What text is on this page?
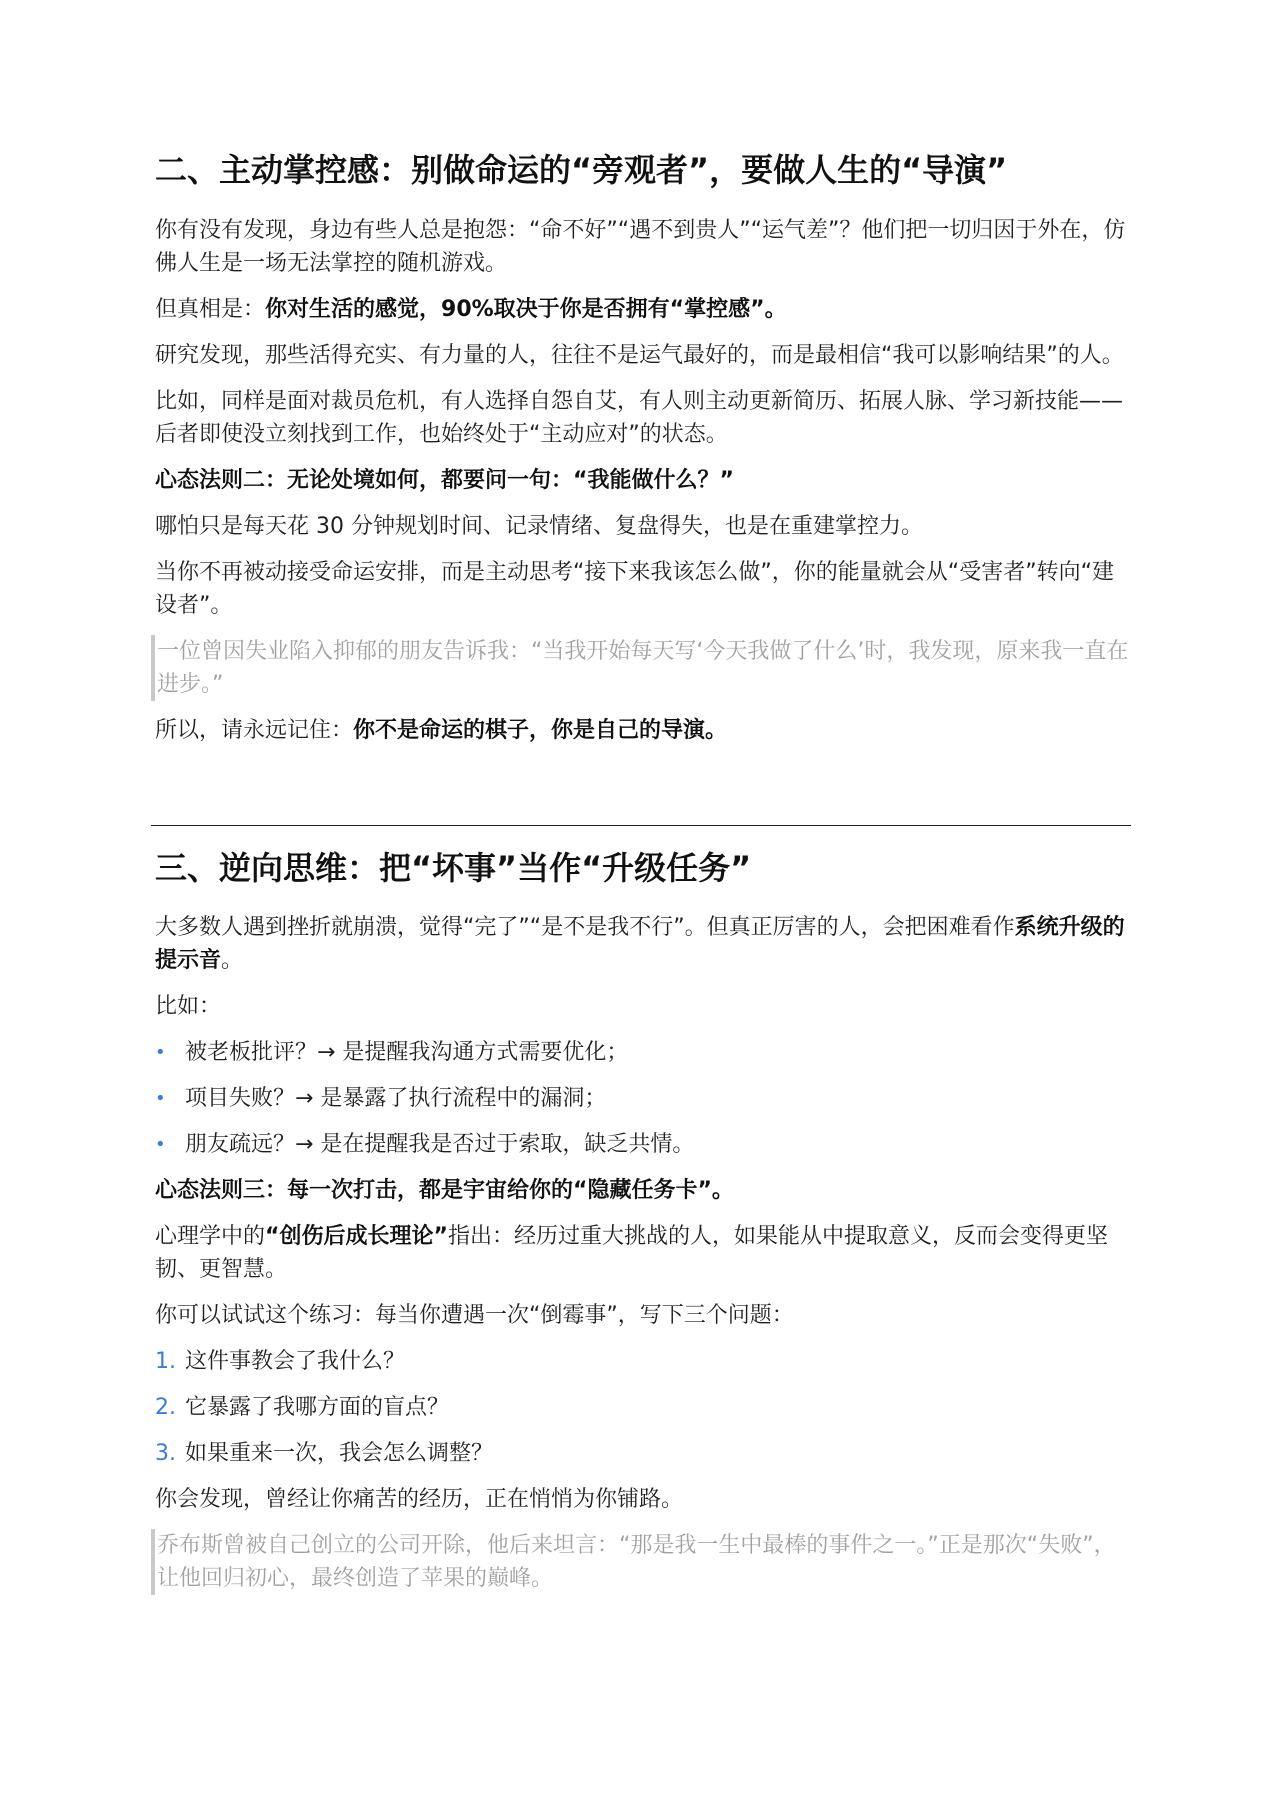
二、主动掌控感：别做命运的“旁观者”，要做人生的“导演”

你有没有发现，身边有些人总是抱怨：“命不好”“遇不到贵人”“运气差”？他们把一切归因于外在，仿佛人生是一场无法掌控的随机游戏。

但真相是：你对生活的感觉，90%取决于你是否拥有“掌控感”。

研究发现，那些活得充实、有力量的人，往往不是运气最好的，而是最相信“我可以影响结果”的人。

比如，同样是面对裁员危机，有人选择自怨自艾，有人则主动更新简历、拓展人脉、学习新技能——后者即使没立刻找到工作，也始终处于“主动应对”的状态。

心态法则二：无论处境如何，都要问一句：“我能做什么？”

哪怕只是每天花 30 分钟规划时间、记录情绪、复盘得失，也是在重建掌控力。

当你不再被动接受命运安排，而是主动思考“接下来我该怎么做”，你的能量就会从“受害者”转向“建设者”。

一位曾因失业陷入抑郁的朋友告诉我：“当我开始每天写‘今天我做了什么’时，我发现，原来我一直在进步。”

所以，请永远记住：你不是命运的棋子，你是自己的导演。

三、逆向思维：把“坏事”当作“升级任务”

大多数人遇到挫折就崩溃，觉得“完了”“是不是我不行”。但真正厉害的人，会把困难看作系统升级的提示音。

比如：

• 被老板批评？→ 是提醒我沟通方式需要优化；
• 项目失败？→ 是暴露了执行流程中的漏洞；
• 朋友疏远？→ 是在提醒我是否过于索取，缺乏共情。

心态法则三：每一次打击，都是宇宙给你的“隐藏任务卡”。

心理学中的“创伤后成长理论”指出：经历过重大挑战的人，如果能从中提取意义，反而会变得更坚韧、更智慧。

你可以试试这个练习：每当你遭遇一次“倒霉事”，写下三个问题：

1. 这件事教会了我什么？
2. 它暴露了我哪方面的盲点？
3. 如果重来一次，我会怎么调整？

你会发现，曾经让你痛苦的经历，正在悄悄为你铺路。

乔布斯曾被自己创立的公司开除，他后来坦言：“那是我一生中最棒的事件之一。”正是那次“失败”，让他回归初心，最终创造了苹果的巅峰。
